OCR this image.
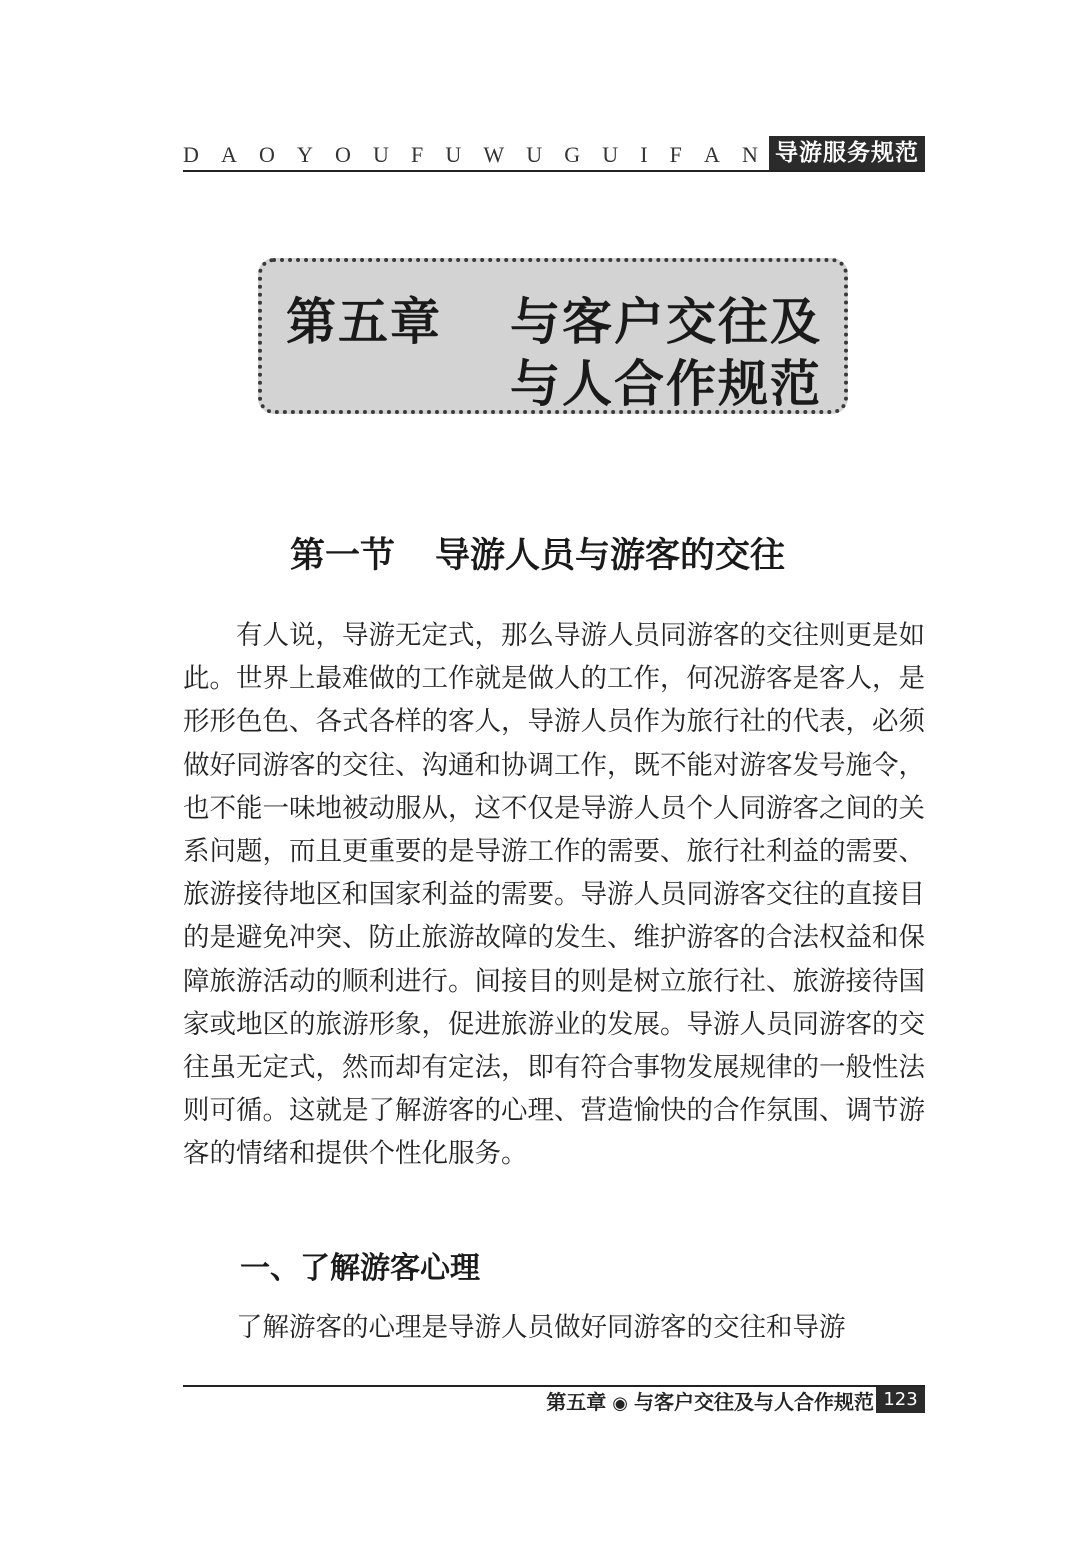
D A O Y O U F U W U G U I F A N 导游服务规范
第五章 与客户交往及
与人合作规范
第一节 导游人员与游客的交往

有人说，导游无定式，那么导游人员同游客的交往则更是如此。世界上最难做的工作就是做人的工作，何况游客是客人，是形形色色、各式各样的客人，导游人员作为旅行社的代表，必须做好同游客的交往、沟通和协调工作，既不能对游客发号施令，也不能一味地被动服从，这不仅是导游人员个人同游客之间的关系问题，而且更重要的是导游工作的需要、旅行社利益的需要、旅游接待地区和国家利益的需要。导游人员同游客交往的直接目的是避免冲突、防止旅游故障的发生、维护游客的合法权益和保障旅游活动的顺利进行。间接目的则是树立旅行社、旅游接待国家或地区的旅游形象，促进旅游业的发展。导游人员同游客的交往虽无定式，然而却有定法，即有符合事物发展规律的一般性法则可循。这就是了解游客的心理、营造愉快的合作氛围、调节游客的情绪和提供个性化服务。

一、了解游客心理

了解游客的心理是导游人员做好同游客的交往和导游

第五章 ◉ 与客户交往及与人合作规范 123
